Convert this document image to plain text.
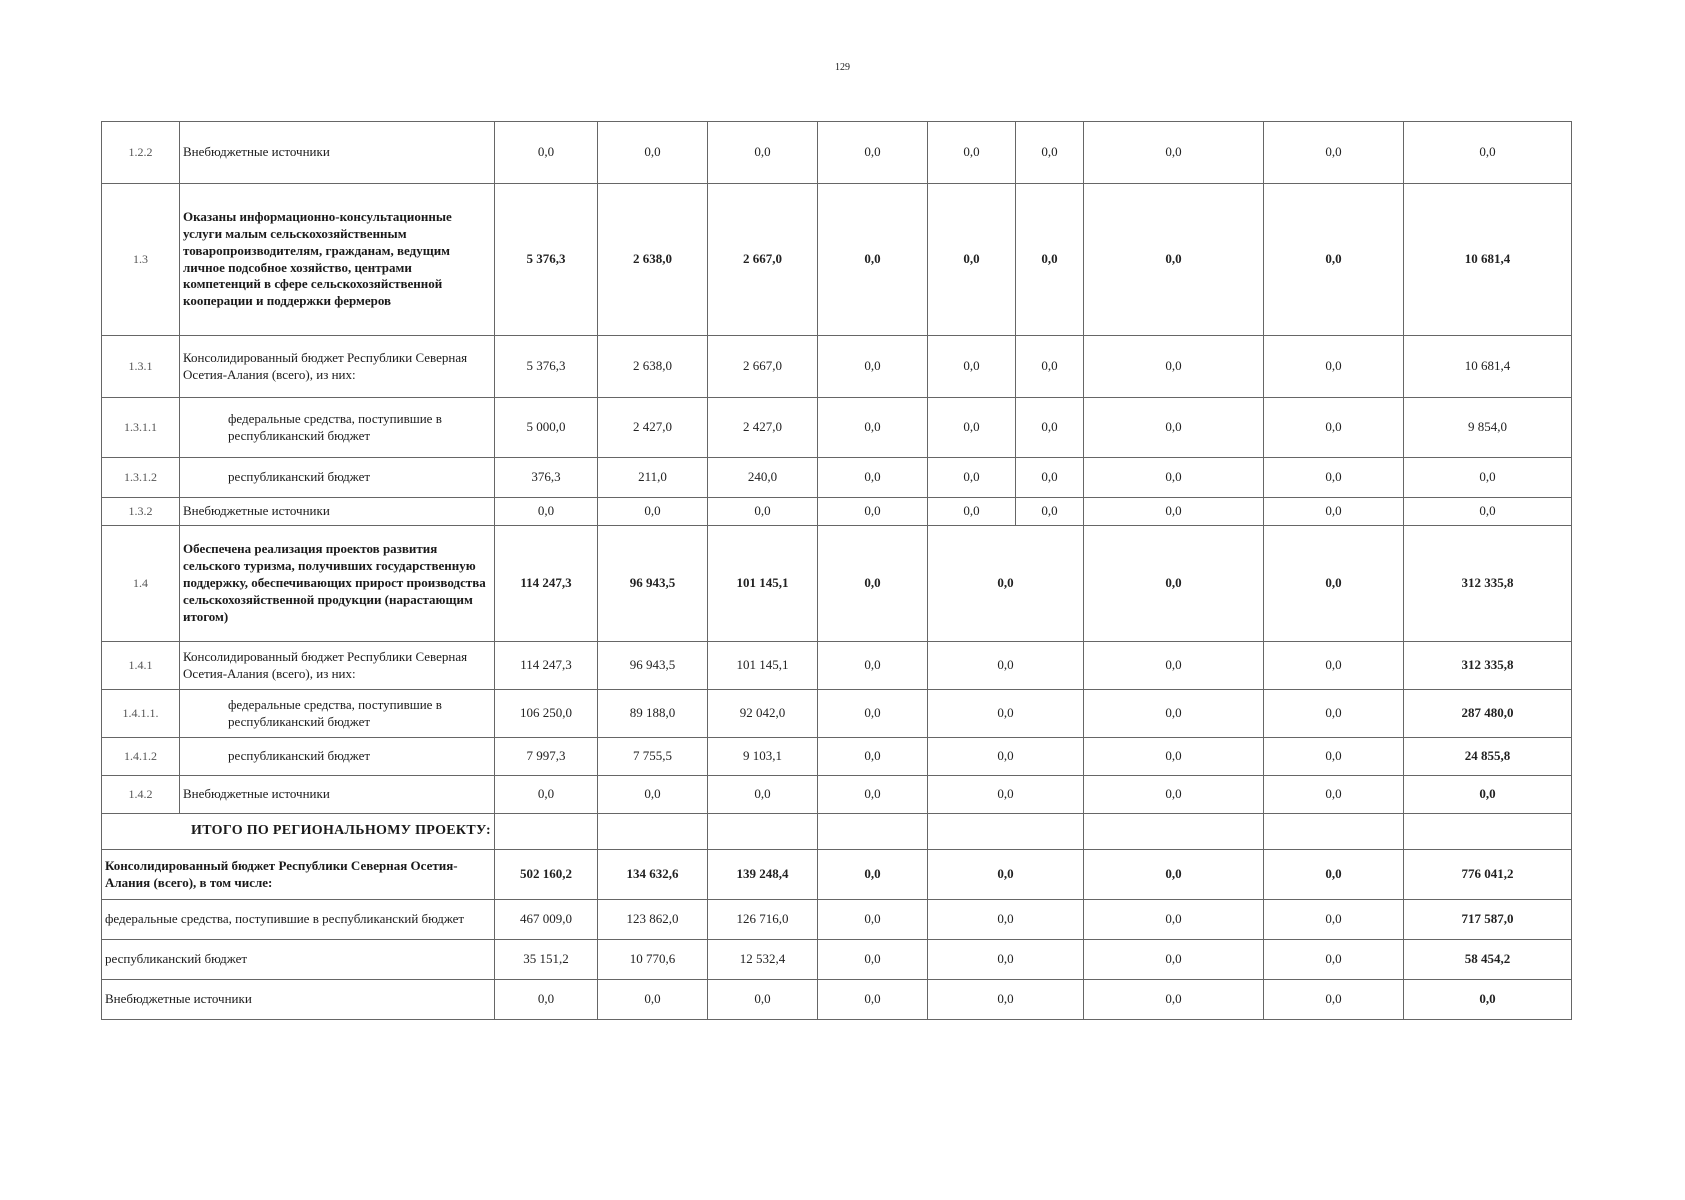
129
1.2.2	Внебюджетные источники	0,0	0,0	0,0	0,0	0,0	0,0	0,0	0,0	0,0
1.3	Оказаны информационно-консультационные услуги малым сельскохозяйственным товаропроизводителям, гражданам, ведущим личное подсобное хозяйство, центрами компетенций в сфере сельскохозяйственной кооперации и поддержки фермеров	5 376,3	2 638,0	2 667,0	0,0	0,0	0,0	0,0	0,0	10 681,4
1.3.1	Консолидированный бюджет Республики Северная Осетия-Алания (всего), из них:	5 376,3	2 638,0	2 667,0	0,0	0,0	0,0	0,0	0,0	10 681,4
1.3.1.1	федеральные средства, поступившие в республиканский бюджет	5 000,0	2 427,0	2 427,0	0,0	0,0	0,0	0,0	0,0	9 854,0
1.3.1.2	республиканский бюджет	376,3	211,0	240,0	0,0	0,0	0,0	0,0	0,0	0,0
1.3.2	Внебюджетные источники	0,0	0,0	0,0	0,0	0,0	0,0	0,0	0,0	0,0
1.4	Обеспечена реализация проектов развития сельского туризма, получивших государственную поддержку, обеспечивающих прирост производства сельскохозяйственной продукции (нарастающим итогом)	114 247,3	96 943,5	101 145,1	0,0	0,0		0,0	0,0	312 335,8
1.4.1	Консолидированный бюджет Республики Северная Осетия-Алания (всего), из них:	114 247,3	96 943,5	101 145,1	0,0	0,0		0,0	0,0	312 335,8
1.4.1.1.	федеральные средства, поступившие в республиканский бюджет	106 250,0	89 188,0	92 042,0	0,0	0,0		0,0	0,0	287 480,0
1.4.1.2	республиканский бюджет	7 997,3	7 755,5	9 103,1	0,0	0,0		0,0	0,0	24 855,8
1.4.2	Внебюджетные источники	0,0	0,0	0,0	0,0	0,0		0,0	0,0	0,0
ИТОГО ПО РЕГИОНАЛЬНОМУ ПРОЕКТУ:										
Консолидированный бюджет Республики Северная Осетия-Алания (всего), в том числе:		502 160,2	134 632,6	139 248,4	0,0	0,0		0,0	0,0	776 041,2
федеральные средства, поступившие в республиканский бюджет		467 009,0	123 862,0	126 716,0	0,0	0,0		0,0	0,0	717 587,0
республиканский бюджет		35 151,2	10 770,6	12 532,4	0,0	0,0		0,0	0,0	58 454,2
Внебюджетные источники		0,0	0,0	0,0	0,0	0,0		0,0	0,0	0,0
